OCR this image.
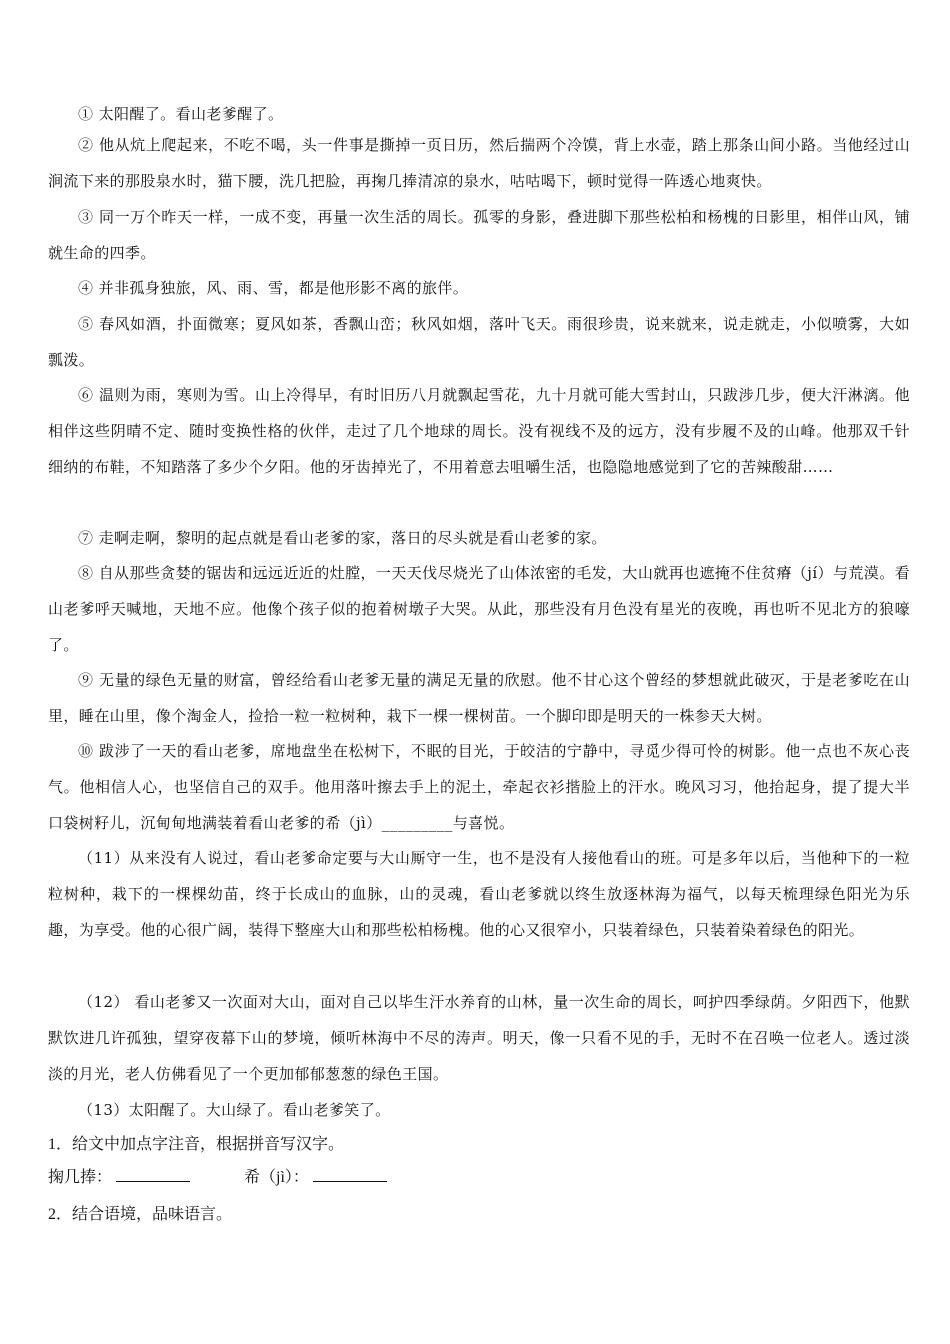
① 太阳醒了。看山老爹醒了。

② 他从炕上爬起来，不吃不喝，头一件事是撕掉一页日历，然后揣两个冷馍，背上水壶，踏上那条山间小路。当他经过山涧流下来的那股泉水时，猫下腰，洗几把脸，再掬几捧清凉的泉水，咕咕喝下，顿时觉得一阵透心地爽快。

③ 同一万个昨天一样，一成不变，再量一次生活的周长。孤零的身影，叠进脚下那些松柏和杨槐的日影里，相伴山风，铺就生命的四季。

④ 并非孤身独旅，风、雨、雪，都是他形影不离的旅伴。

⑤ 春风如酒，扑面微寒；夏风如茶，香飘山峦；秋风如烟，落叶飞天。雨很珍贵，说来就来，说走就走，小似喷雾，大如瓢泼。

⑥ 温则为雨，寒则为雪。山上冷得早，有时旧历八月就飘起雪花，九十月就可能大雪封山，只跋涉几步，便大汗淋漓。他相伴这些阴晴不定、随时变换性格的伙伴，走过了几个地球的周长。没有视线不及的远方，没有步履不及的山峰。他那双千针细纳的布鞋，不知踏落了多少个夕阳。他的牙齿掉光了，不用着意去咀嚼生活，也隐隐地感觉到了它的苦辣酸甜……

⑦ 走啊走啊，黎明的起点就是看山老爹的家，落日的尽头就是看山老爹的家。

⑧ 自从那些贪婪的锯齿和远远近近的灶膛，一天天伐尽烧光了山体浓密的毛发，大山就再也遮掩不住贫瘠（jí）与荒漠。看山老爹呼天喊地，天地不应。他像个孩子似的抱着树墩子大哭。从此，那些没有月色没有星光的夜晚，再也听不见北方的狼嚎了。

⑨ 无量的绿色无量的财富，曾经给看山老爹无量的满足无量的欣慰。他不甘心这个曾经的梦想就此破灭，于是老爹吃在山里，睡在山里，像个淘金人，捡拾一粒一粒树种，栽下一棵一棵树苗。一个脚印即是明天的一株参天大树。

⑩ 跋涉了一天的看山老爹，席地盘坐在松树下，不眠的目光，于皎洁的宁静中，寻觅少得可怜的树影。他一点也不灰心丧气。他相信人心，也坚信自己的双手。他用落叶擦去手上的泥土，牵起衣衫揩脸上的汗水。晚风习习，他抬起身，提了提大半口袋树籽儿，沉甸甸地满装着看山老爹的希（jì）_________与喜悦。

（11）从来没有人说过，看山老爹命定要与大山厮守一生，也不是没有人接他看山的班。可是多年以后，当他种下的一粒粒树种，栽下的一棵棵幼苗，终于长成山的血脉，山的灵魂，看山老爹就以终生放逐林海为福气，以每天梳理绿色阳光为乐趣，为享受。他的心很广阔，装得下整座大山和那些松柏杨槐。他的心又很窄小，只装着绿色，只装着染着绿色的阳光。

（12） 看山老爹又一次面对大山，面对自己以毕生汗水养育的山林，量一次生命的周长，呵护四季绿荫。夕阳西下，他默默饮进几许孤独，望穿夜幕下山的梦境，倾听林海中不尽的涛声。明天，像一只看不见的手，无时不在召唤一位老人。透过淡淡的月光，老人仿佛看见了一个更加郁郁葱葱的绿色王国。

（13）太阳醒了。大山绿了。看山老爹笑了。

1．给文中加点字注音，根据拼音写汉字。

掬几捧：	希（jì）：

2．结合语境，品味语言。
